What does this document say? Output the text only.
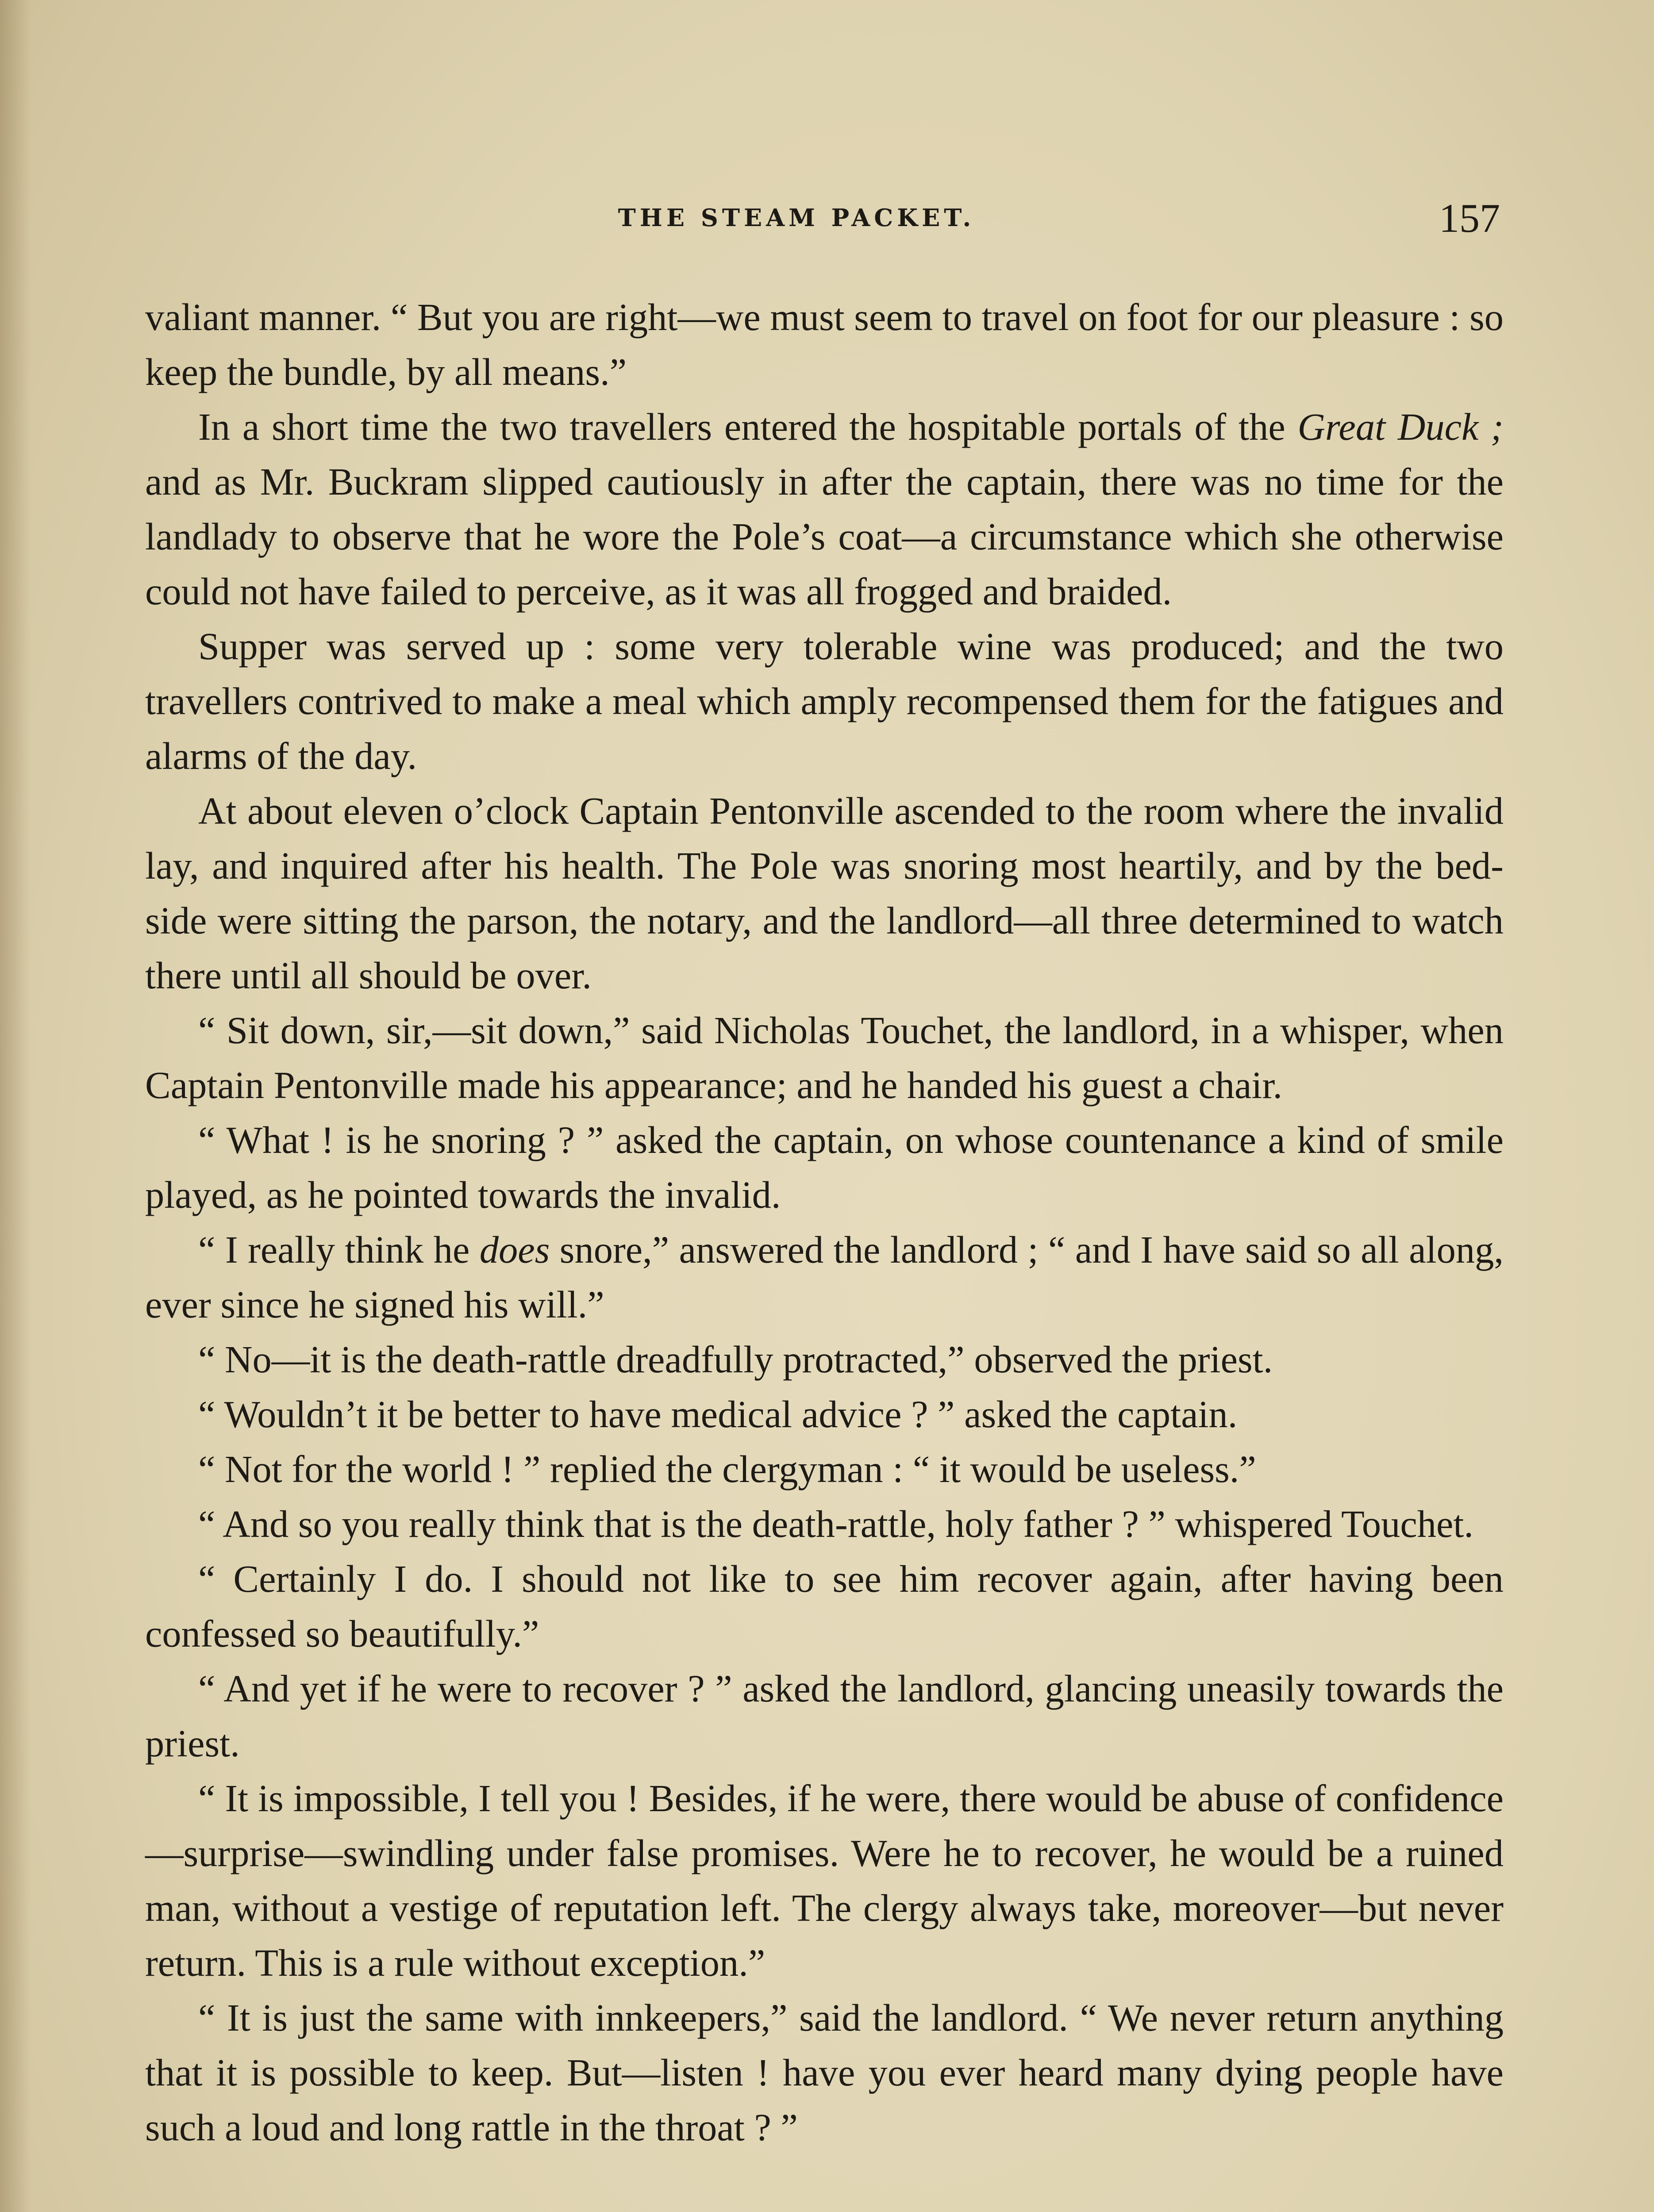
THE STEAM PACKET.	157

valiant manner. “ But you are right—we must seem to travel on foot for our pleasure : so keep the bundle, by all means.”

In a short time the two travellers entered the hospitable portals of the Great Duck ; and as Mr. Buckram slipped cautiously in after the captain, there was no time for the landlady to observe that he wore the Pole’s coat—a circumstance which she otherwise could not have failed to perceive, as it was all frogged and braided.

Supper was served up : some very tolerable wine was produced; and the two travellers contrived to make a meal which amply recompensed them for the fatigues and alarms of the day.

At about eleven o’clock Captain Pentonville ascended to the room where the invalid lay, and inquired after his health. The Pole was snoring most heartily, and by the bed-side were sitting the parson, the notary, and the landlord—all three determined to watch there until all should be over.

“ Sit down, sir,—sit down,” said Nicholas Touchet, the landlord, in a whisper, when Captain Pentonville made his appearance; and he handed his guest a chair.

“ What ! is he snoring ? ” asked the captain, on whose countenance a kind of smile played, as he pointed towards the invalid.

“ I really think he does snore,” answered the landlord ; “ and I have said so all along, ever since he signed his will.”

“ No—it is the death-rattle dreadfully protracted,” observed the priest.

“ Wouldn’t it be better to have medical advice ? ” asked the captain.

“ Not for the world ! ” replied the clergyman : “ it would be useless.”

“ And so you really think that is the death-rattle, holy father ? ” whispered Touchet.

“ Certainly I do. I should not like to see him recover again, after having been confessed so beautifully.”

“ And yet if he were to recover ? ” asked the landlord, glancing uneasily towards the priest.

“ It is impossible, I tell you ! Besides, if he were, there would be abuse of confidence—surprise—swindling under false promises. Were he to recover, he would be a ruined man, without a vestige of reputation left. The clergy always take, moreover—but never return. This is a rule without exception.”

“ It is just the same with innkeepers,” said the landlord. “ We never return anything that it is possible to keep. But—listen ! have you ever heard many dying people have such a loud and long rattle in the throat ? ”
